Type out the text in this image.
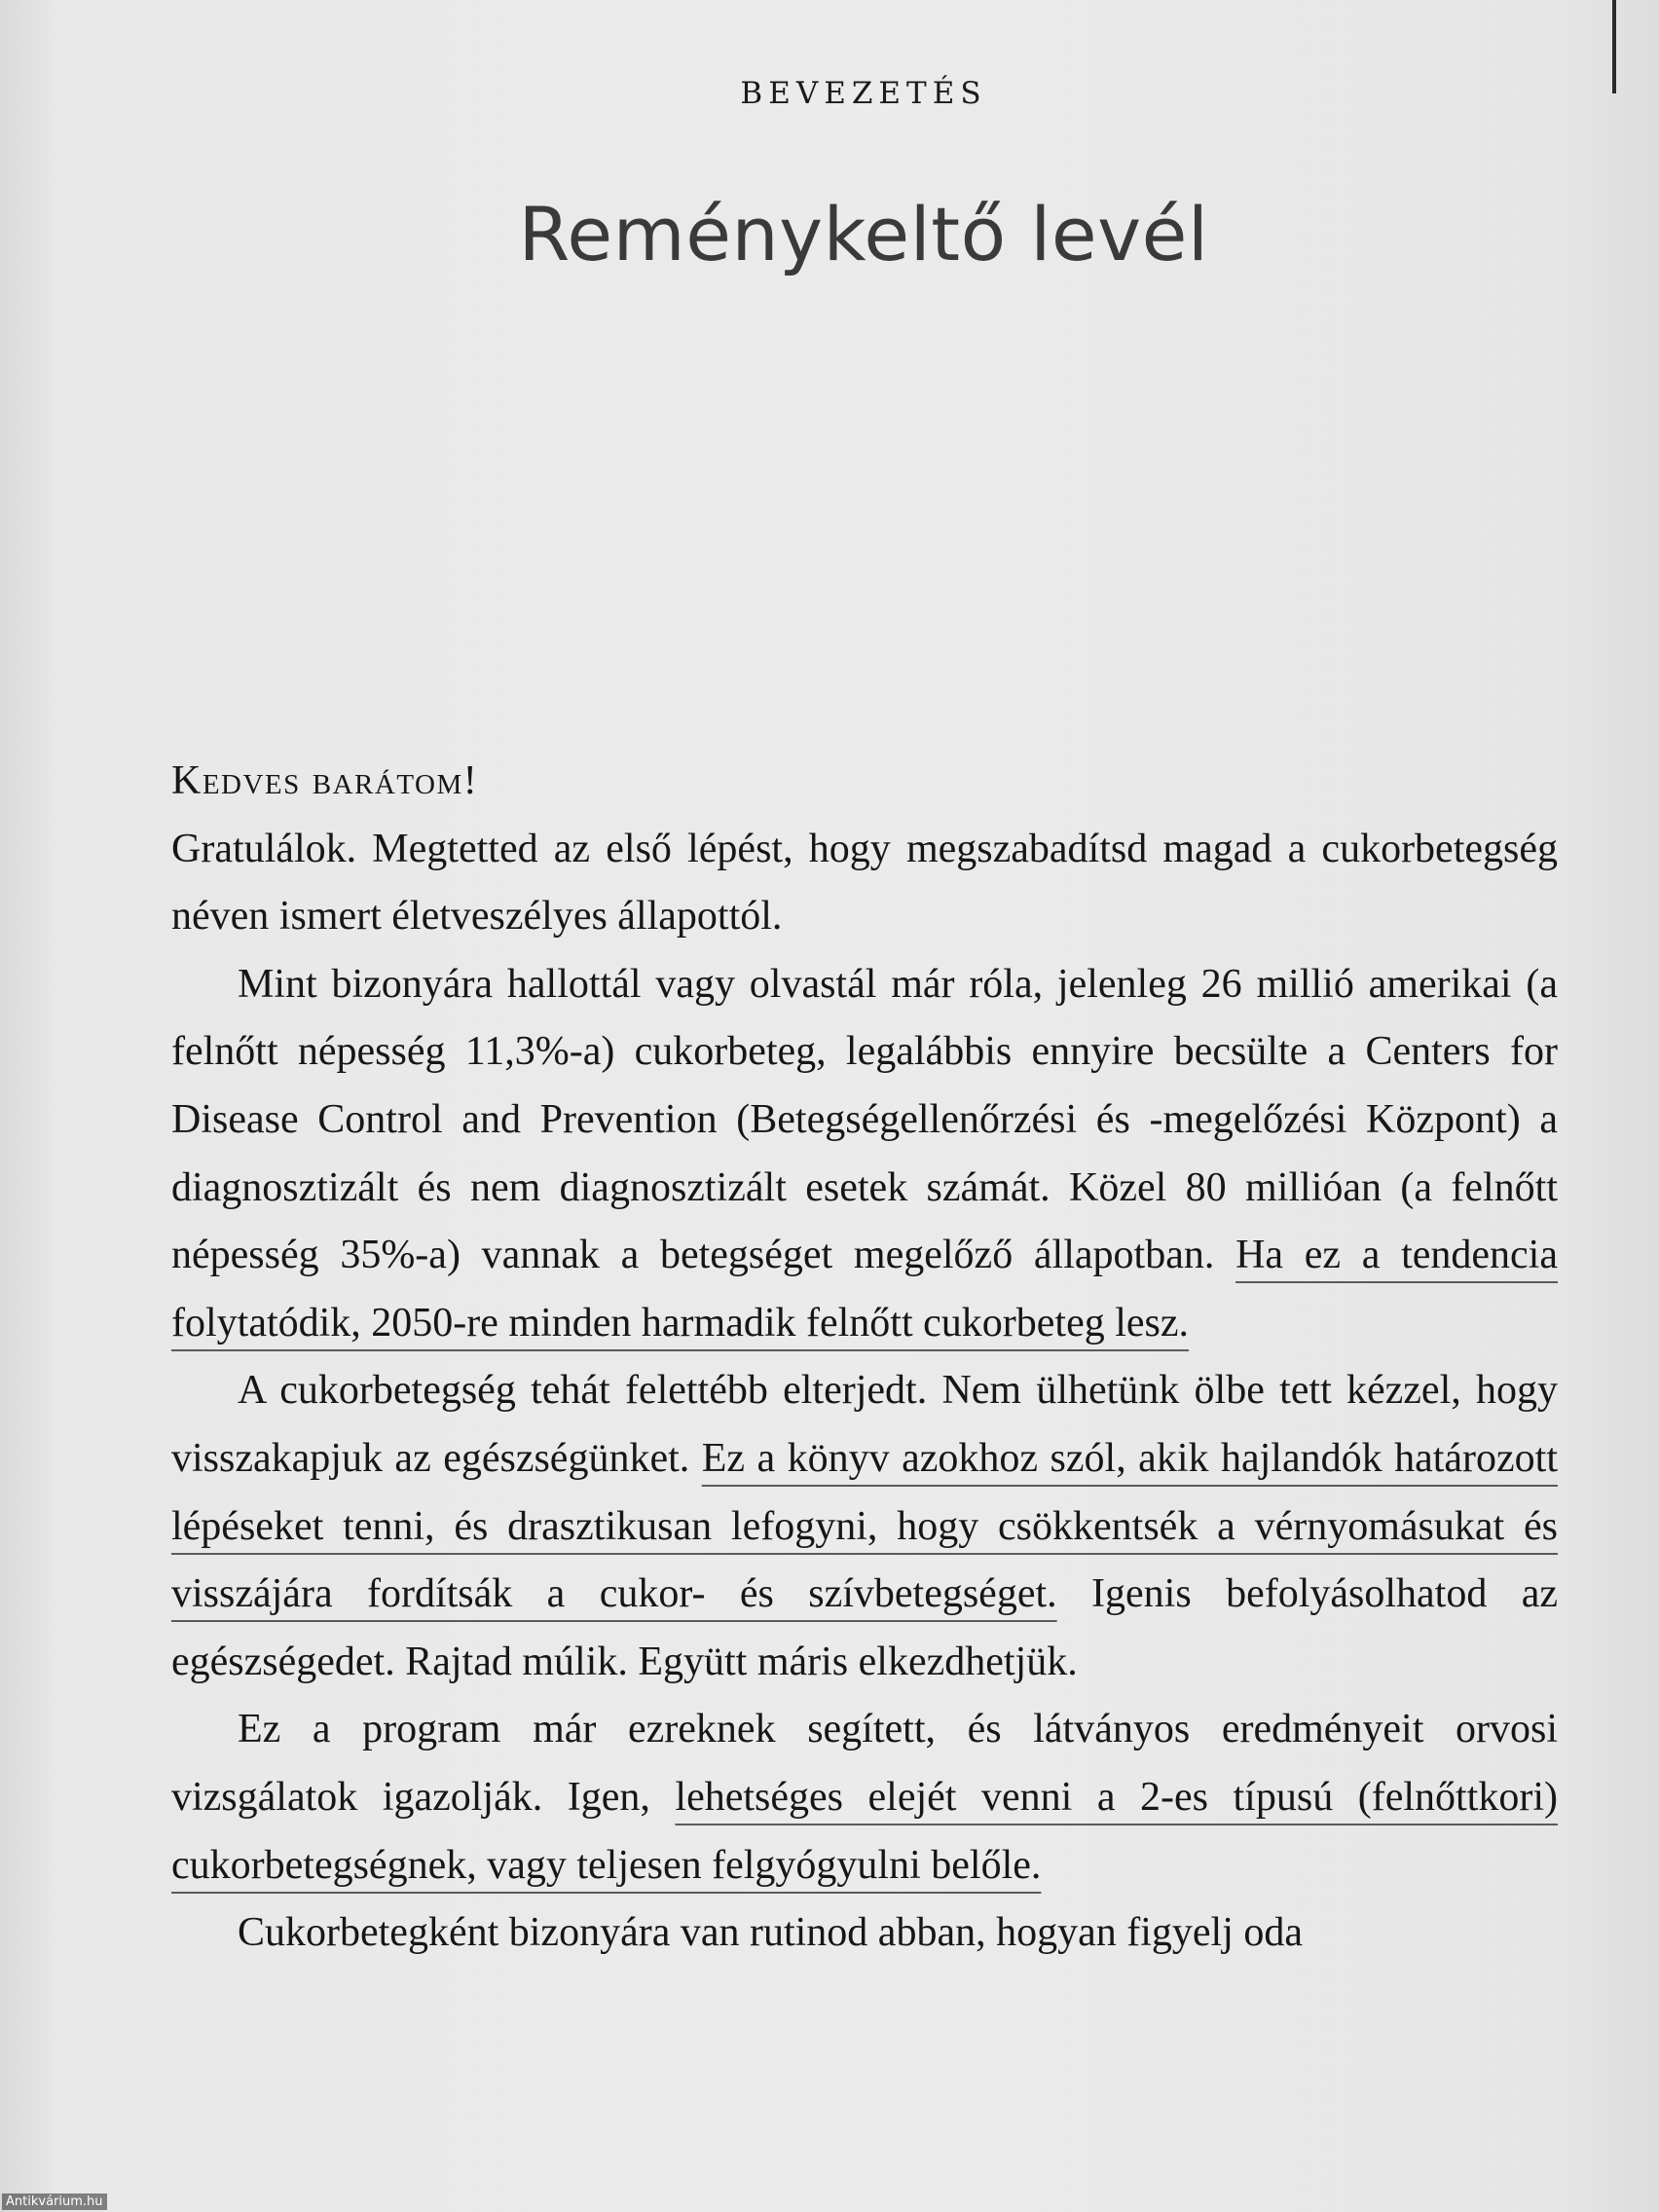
BEVEZETÉS
Reménykeltő levél

Kedves barátom!

Gratulálok. Megtetted az első lépést, hogy megszabadítsd magad a cukorbetegség néven ismert életveszélyes állapottól.

Mint bizonyára hallottál vagy olvastál már róla, jelenleg 26 millió amerikai (a felnőtt népesség 11,3%-a) cukorbeteg, legalábbis ennyire becsülte a Centers for Disease Control and Prevention (Betegségellenőrzési és -megelőzési Központ) a diagnosztizált és nem diagnosztizált esetek számát. Közel 80 millióan (a felnőtt népesség 35%-a) vannak a betegséget megelőző állapotban. Ha ez a tendencia folytatódik, 2050-re minden harmadik felnőtt cukorbeteg lesz.

A cukorbetegség tehát felettébb elterjedt. Nem ülhetünk ölbe tett kézzel, hogy visszakapjuk az egészségünket. Ez a könyv azokhoz szól, akik hajlandók határozott lépéseket tenni, és drasztikusan lefogyni, hogy csökkentsék a vérnyomásukat és visszájára fordítsák a cukor- és szívbetegséget. Igenis befolyásolhatod az egészségedet. Rajtad múlik. Együtt máris elkezdhetjük.

Ez a program már ezreknek segített, és látványos eredményeit orvosi vizsgálatok igazolják. Igen, lehetséges elejét venni a 2-es típusú (felnőttkori) cukorbetegségnek, vagy teljesen felgyógyulni belőle.

Cukorbetegként bizonyára van rutinod abban, hogyan figyelj oda

Antikvárium.hu
